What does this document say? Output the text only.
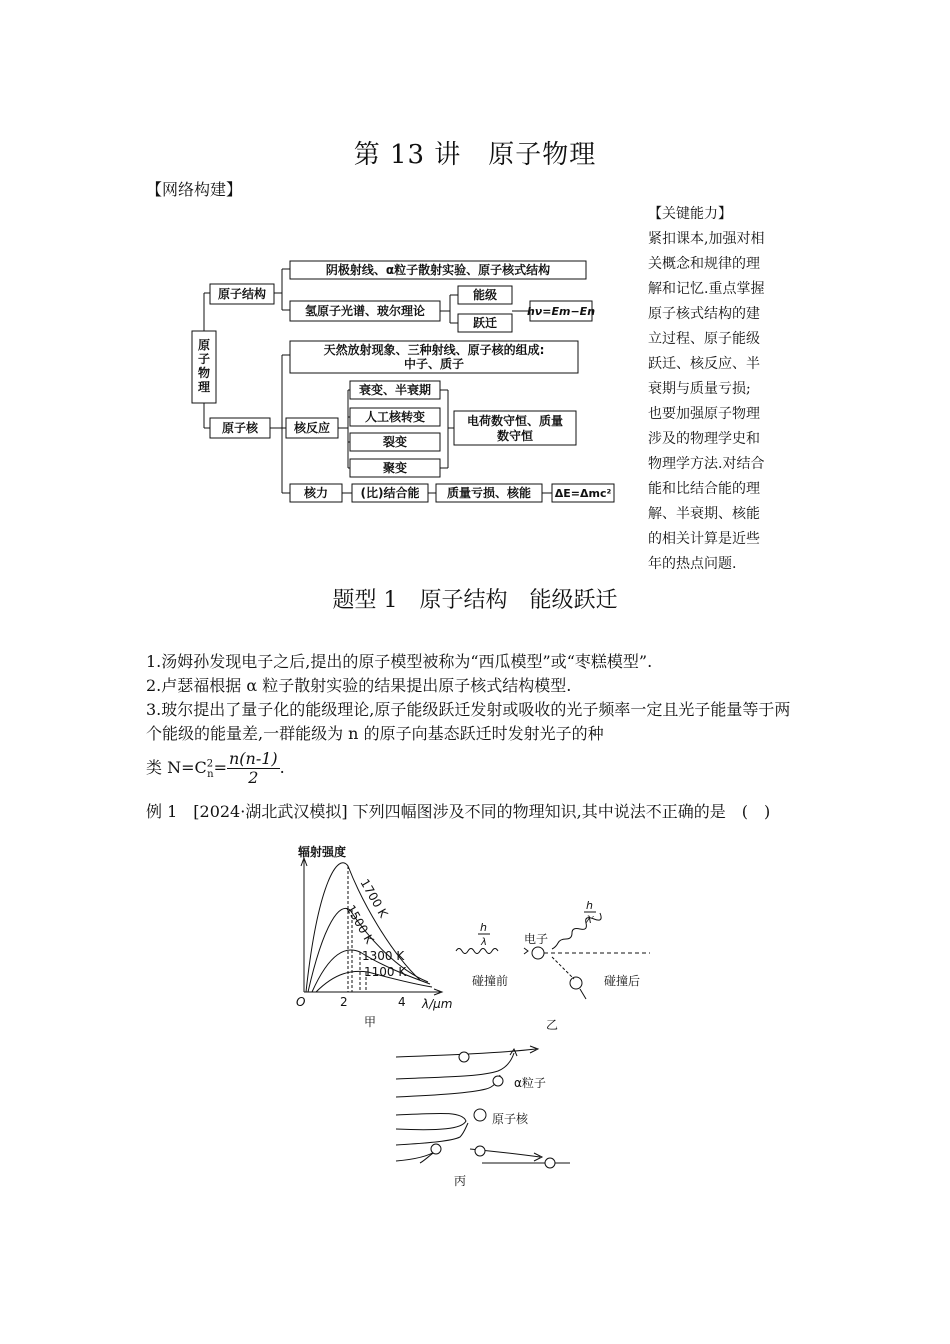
第 13 讲　原子物理
【网络构建】
原
子
物
理
原子结构
阴极射线、α粒子散射实验、原子核式结构
氢原子光谱、玻尔理论
能级
跃迁
hν=Em−En
原子核
天然放射现象、三种射线、原子核的组成:
中子、质子
核反应
衰变、半衰期
人工核转变
裂变
聚变
电荷数守恒、质量
数守恒
核力	(比)结合能 质量亏损、核能 ΔE=Δmc²
【关键能力】
紧扣课本,加强对相
关概念和规律的理
解和记忆.重点掌握
原子核式结构的建
立过程、原子能级
跃迁、核反应、半
衰期与质量亏损;
也要加强原子物理
涉及的物理学史和
物理学方法.对结合
能和比结合能的理
解、半衰期、核能
的相关计算是近些
年的热点问题.
题型 1　原子结构　能级跃迁
1.汤姆孙发现电子之后,提出的原子模型被称为“西瓜模型”或“枣糕模型”.
2.卢瑟福根据 α 粒子散射实验的结果提出原子核式结构模型.
3.玻尔提出了量子化的能级理论,原子能级跃迁发射或吸收的光子频率一定且光子能量等于两个能级的能量差,一群能级为 n 的原子向基态跃迁时发射光子的种
类 $N=C^2_n= \frac{n(n-1)}{2}$ .
例 1　[2024·湖北武汉模拟] 下列四幅图涉及不同的物理知识,其中说法不正确的是　(　)
辐射强度
1700 K
1500 K
1300 K
1100 K
O	2	4 λ/μm
甲
h
λ
h
λ′
电子
碰撞前	碰撞后
乙
α粒子
原子核
丙
